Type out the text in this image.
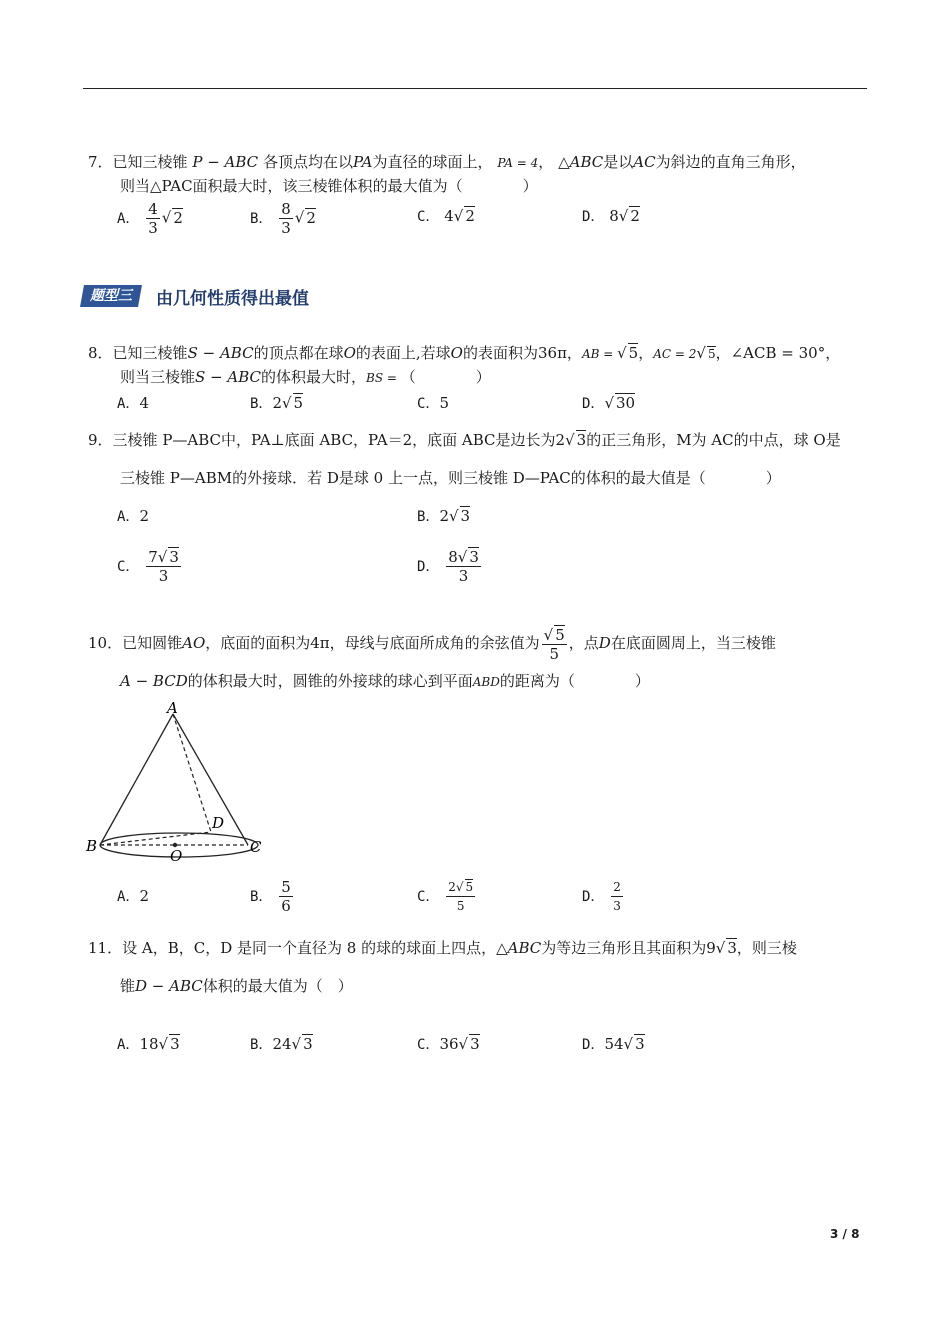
7．已知三棱锥 P − ABC 各顶点均在以PA为直径的球面上， PA = 4， △ABC是以AC为斜边的直角三角形，
则当△PAC面积最大时，该三棱锥体积的最大值为（　　　　）
A． $\frac{4}{3}$ √ 2	B． $\frac{8}{3}$ √ 2	C． 4√ 2	D． 8√ 2
题型三	由几何性质得出最值
8．已知三棱锥S − ABC的顶点都在球O的表面上,若球O的表面积为36π，AB = √ 5，AC = 2√ 5，∠ACB = 30°，
则当三棱锥S − ABC的体积最大时，BS = （　　　　）
A．4	B．2√ 5	C．5	D．√ 30
9．三棱锥 P—ABC中，PA⊥底面 ABC，PA＝2，底面 ABC是边长为2√ 3的正三角形，M为 AC的中点，球 O是
三棱锥 P—ABM的外接球．若 D是球 0 上一点，则三棱锥 D—PAC的体积的最大值是（　　　　）
A．2	B．2√ 3
C． $\frac{7√ 3}{3}$	D． $\frac{8√ 3}{3}$
10．已知圆锥AO，底面的面积为4π，母线与底面所成角的余弦值为 $\frac{√ 5}{5}$ ，点D在底面圆周上，当三棱锥
A − BCD的体积最大时，圆锥的外接球的球心到平面ABD的距离为（　　　　）
A
B	C
D
O
A．2	B． $\frac{5}{6}$	C． $\frac{2√ 5}{5}$	D． $\frac{2}{3}$
11．设 A，B，C，D 是同一个直径为 8 的球的球面上四点，△ABC为等边三角形且其面积为9√ 3，则三棱
锥D − ABC体积的最大值为（　）
A．18√ 3	B．24√ 3	C．36√ 3	D．54√ 3
3 / 8
